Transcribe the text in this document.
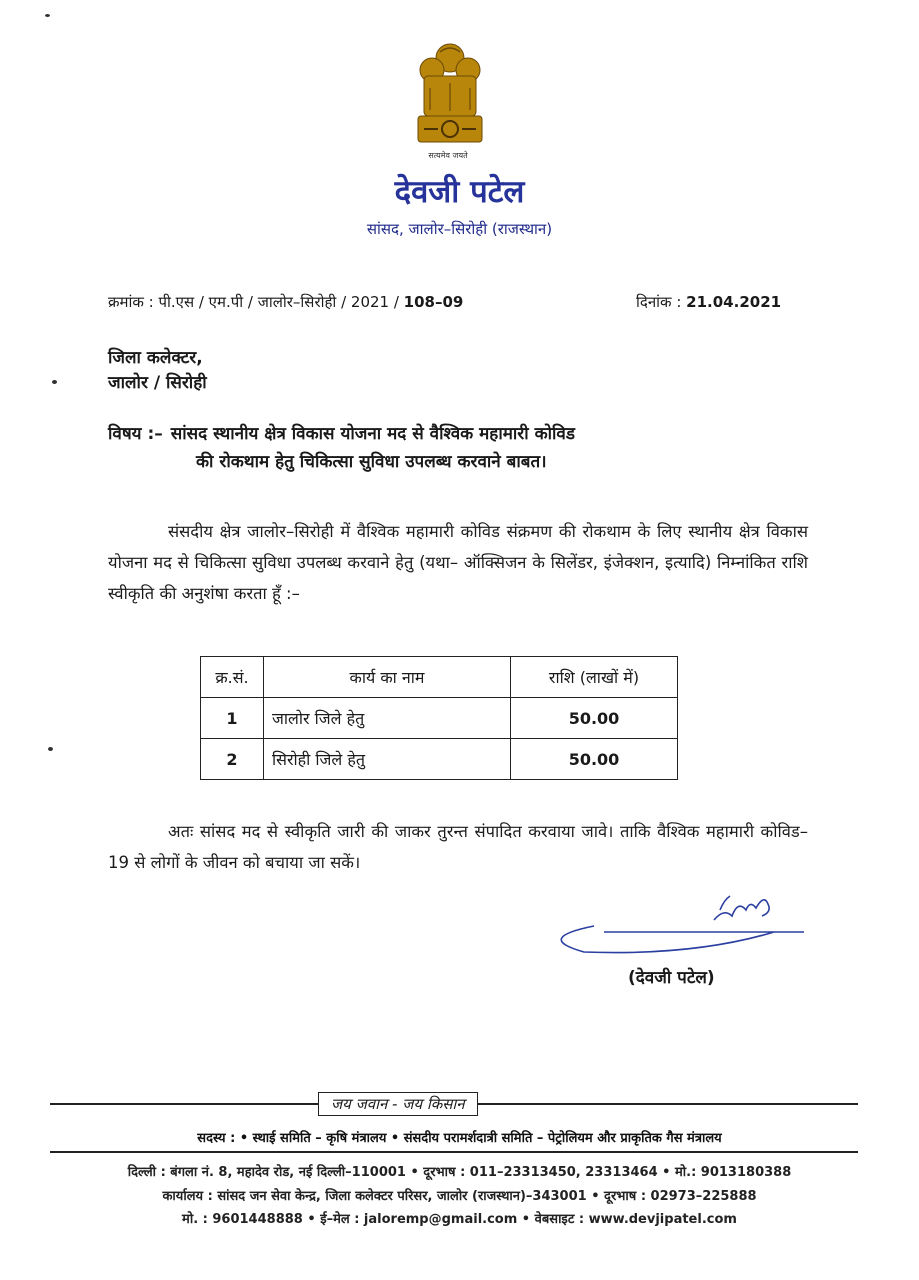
सत्यमेव जयते
देवजी पटेल
सांसद, जालोर–सिरोही (राजस्थान)
क्रमांक : पी.एस / एम.पी / जालोर–सिरोही / 2021 / 108–09	दिनांक : 21.04.2021
जिला कलेक्टर,
जालोर / सिरोही
विषय :– सांसद स्थानीय क्षेत्र विकास योजना मद से वैश्विक महामारी कोविड
की रोकथाम हेतु चिकित्सा सुविधा उपलब्ध करवाने बाबत।
संसदीय क्षेत्र जालोर–सिरोही में वैश्विक महामारी कोविड संक्रमण की रोकथाम के लिए स्थानीय क्षेत्र विकास योजना मद से चिकित्सा सुविधा उपलब्ध करवाने हेतु (यथा– ऑक्सिजन के सिलेंडर, इंजेक्शन, इत्यादि) निम्नांकित राशि स्वीकृति की अनुशंषा करता हूँ :–
क्र.सं.	कार्य का नाम	राशि (लाखों में)
1	जालोर जिले हेतु	50.00
2	सिरोही जिले हेतु	50.00
अतः सांसद मद से स्वीकृति जारी की जाकर तुरन्त संपादित करवाया जावे। ताकि वैश्विक महामारी कोविड–19 से लोगों के जीवन को बचाया जा सकें।
(देवजी पटेल)
जय जवान - जय किसान
सदस्य : • स्थाई समिति – कृषि मंत्रालय • संसदीय परामर्शदात्री समिति – पेट्रोलियम और प्राकृतिक गैस मंत्रालय
दिल्ली : बंगला नं. 8, महादेव रोड, नई दिल्ली–110001 • दूरभाष : 011–23313450, 23313464 • मो.: 9013180388
कार्यालय : सांसद जन सेवा केन्द्र, जिला कलेक्टर परिसर, जालोर (राजस्थान)–343001 • दूरभाष : 02973–225888
मो. : 9601448888 • ई–मेल : jaloremp@gmail.com • वेबसाइट : www.devjipatel.com
